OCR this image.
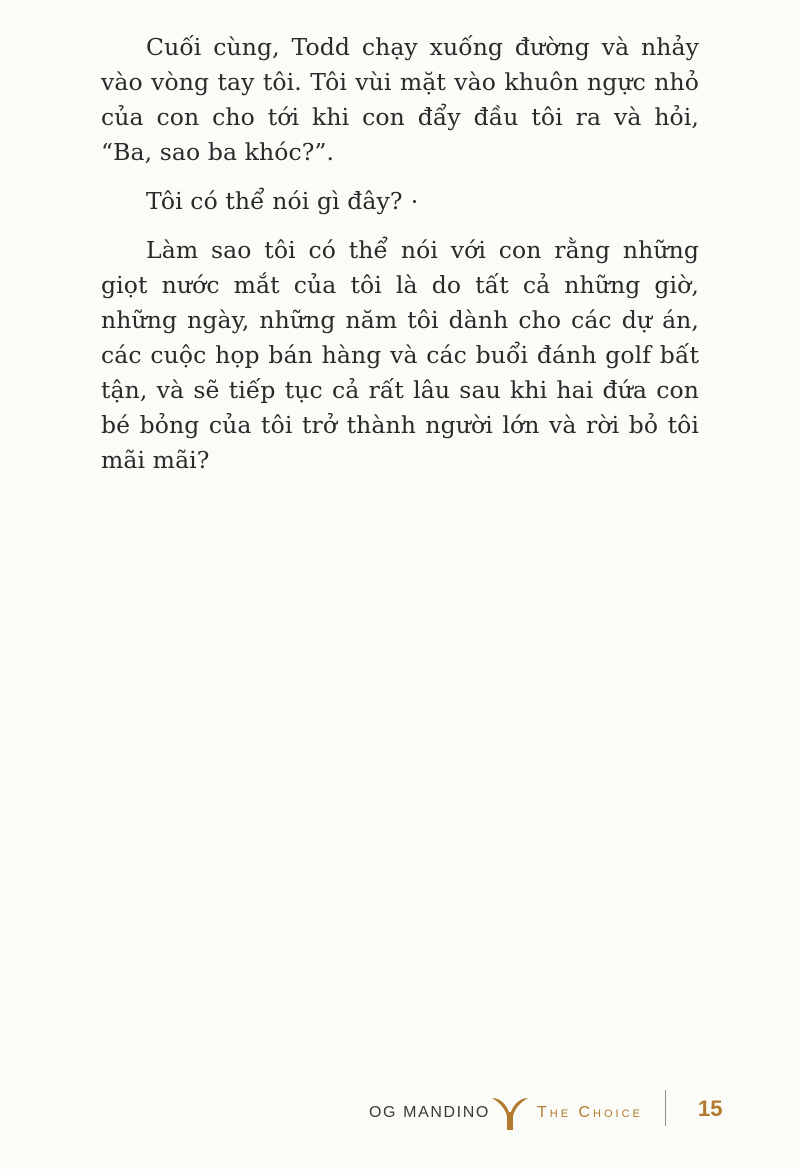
Cuối cùng, Todd chạy xuống đường và nhảy vào vòng tay tôi. Tôi vùi mặt vào khuôn ngực nhỏ của con cho tới khi con đẩy đầu tôi ra và hỏi, “Ba, sao ba khóc?”.

Tôi có thể nói gì đây?

Làm sao tôi có thể nói với con rằng những giọt nước mắt của tôi là do tất cả những giờ, những ngày, những năm tôi dành cho các dự án, các cuộc họp bán hàng và các buổi đánh golf bất tận, và sẽ tiếp tục cả rất lâu sau khi hai đứa con bé bỏng của tôi trở thành người lớn và rời bỏ tôi mãi mãi?

OG MANDINO	The Choice	15
